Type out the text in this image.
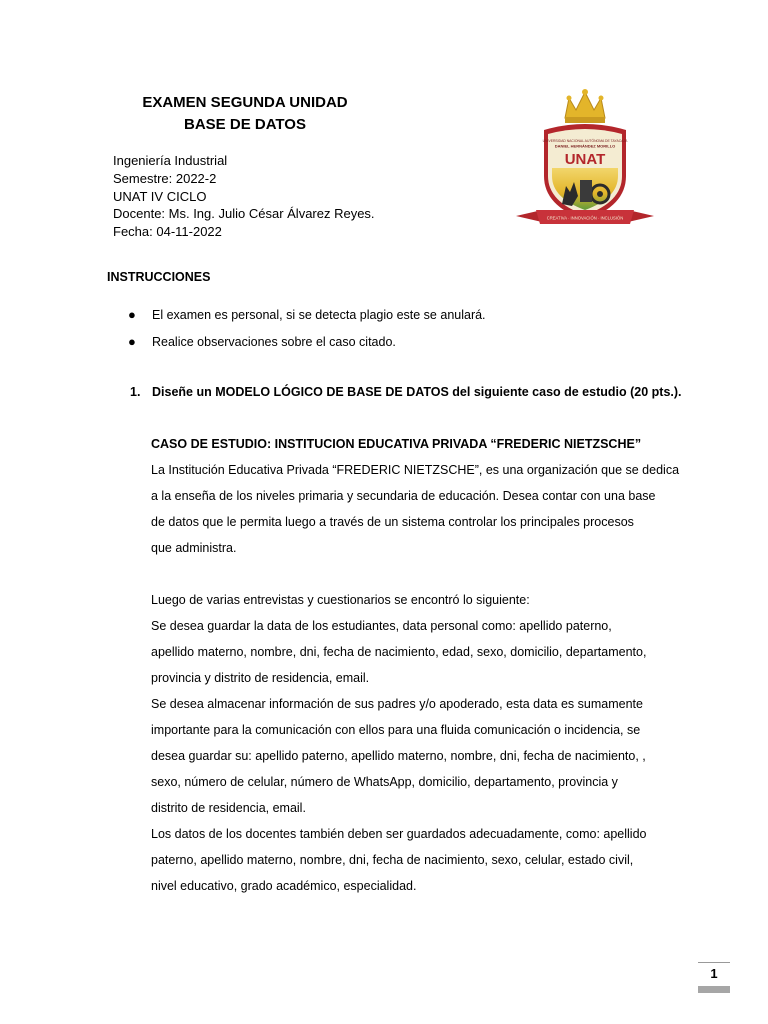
EXAMEN SEGUNDA UNIDAD
BASE DE DATOS
Ingeniería Industrial
Semestre: 2022-2
UNAT IV CICLO
Docente: Ms. Ing. Julio César Álvarez Reyes.
Fecha: 04-11-2022
UNIVERSIDAD NACIONAL AUTÓNOMA DE TAYACAJA
DANIEL HERNÁNDEZ MORILLO
UNAT
CREATIVA · INNOVACIÓN · INCLUSIÓN
INSTRUCCIONES
● El examen es personal, si se detecta plagio este se anulará.
● Realice observaciones sobre el caso citado.
1. Diseñe un MODELO LÓGICO DE BASE DE DATOS del siguiente caso de estudio (20 pts.).
CASO DE ESTUDIO: INSTITUCION EDUCATIVA PRIVADA “FREDERIC NIETZSCHE”
La Institución Educativa Privada “FREDERIC NIETZSCHE”, es una organización que se dedica
a la enseña de los niveles primaria y secundaria de educación. Desea contar con una base
de datos que le permita luego a través de un sistema controlar los principales procesos
que administra.
Luego de varias entrevistas y cuestionarios se encontró lo siguiente:
Se desea guardar la data de los estudiantes, data personal como: apellido paterno,
apellido materno, nombre, dni, fecha de nacimiento, edad, sexo, domicilio, departamento,
provincia y distrito de residencia, email.
Se desea almacenar información de sus padres y/o apoderado, esta data es sumamente
importante para la comunicación con ellos para una fluida comunicación o incidencia, se
desea guardar su: apellido paterno, apellido materno, nombre, dni, fecha de nacimiento, ,
sexo, número de celular, número de WhatsApp, domicilio, departamento, provincia y
distrito de residencia, email.
Los datos de los docentes también deben ser guardados adecuadamente, como: apellido
paterno, apellido materno, nombre, dni, fecha de nacimiento, sexo, celular, estado civil,
nivel educativo, grado académico, especialidad.
1
